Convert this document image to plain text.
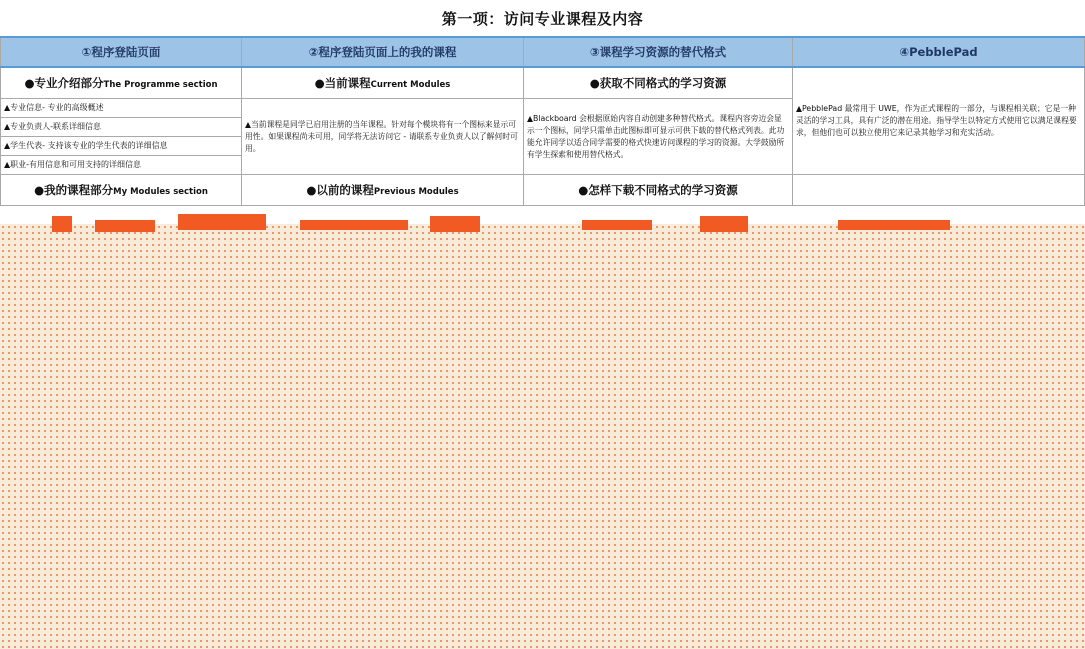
第一项：访问专业课程及内容
①程序登陆页面	②程序登陆页面上的我的课程	③课程学习资源的替代格式	④PebblePad
●专业介绍部分The Programme section	●当前课程Current Modules	●获取不同格式的学习资源	▲PebblePad 最常用于 UWE，作为正式课程的一部分，与课程相关联；它是一种灵活的学习工具，具有广泛的潜在用途。指导学生以特定方式使用它以满足课程要求，但他们也可以独立使用它来记录其他学习和充实活动。
▲专业信息- 专业的高级概述	▲当前课程是同学已启用注册的当年课程。针对每个模块将有一个图标来显示可用性。如果课程尚未可用，同学将无法访问它 - 请联系专业负责人以了解何时可用。	▲Blackboard 会根据原始内容自动创建多种替代格式。课程内容旁边会显示一个图标，同学只需单击此图标即可显示可供下载的替代格式列表。此功能允许同学以适合同学需要的格式快速访问课程的学习的资源。大学鼓励所有学生探索和使用替代格式。	
▲专业负责人-联系详细信息			
▲学生代表- 支持该专业的学生代表的详细信息			
▲职业-有用信息和可用支持的详细信息			
●我的课程部分My Modules section	●以前的课程Previous Modules	●怎样下载不同格式的学习资源	
